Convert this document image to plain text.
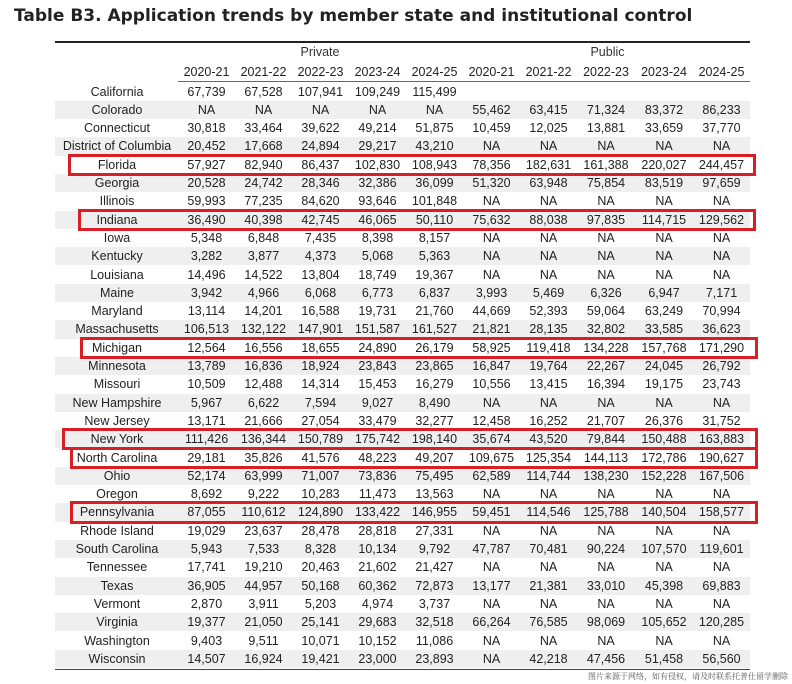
Table B3. Application trends by member state and institutional control
Private	Public
2020-21 2021-22 2022-23 2023-24 2024-25 2020-21 2021-22 2022-23 2023-24 2024-25
California	67,739	67,528	107,941 109,249 115,499
Colorado	NA	NA	NA	NA	NA	55,462	63,415	71,324	83,372	86,233
Connecticut	30,818	33,464	39,622	49,214	51,875	10,459	12,025	13,881	33,659	37,770
District of Columbia	20,452	17,668	24,894	29,217	43,210	NA	NA	NA	NA	NA
Florida	57,927	82,940	86,437	102,830 108,943	78,356	182,631 161,388	220,027 244,457
Georgia	20,528	24,742	28,346	32,386	36,099	51,320	63,948	75,854	83,519	97,659
Illinois	59,993	77,235	84,620	93,646	101,848	NA	NA	NA	NA	NA
Indiana	36,490	40,398	42,745	46,065	50,110	75,632	88,038	97,835	114,715	129,562
Iowa	5,348	6,848	7,435	8,398	8,157	NA	NA	NA	NA	NA
Kentucky	3,282	3,877	4,373	5,068	5,363	NA	NA	NA	NA	NA
Louisiana	14,496	14,522	13,804	18,749	19,367	NA	NA	NA	NA	NA
Maine	3,942	4,966	6,068	6,773	6,837	3,993	5,469	6,326	6,947	7,171
Maryland	13,114	14,201	16,588	19,731	21,760	44,669	52,393	59,064	63,249	70,994
Massachusetts	106,513 132,122 147,901 151,587 161,527	21,821	28,135	32,802	33,585	36,623
Michigan	12,564	16,556	18,655	24,890	26,179	58,925	119,418	134,228	157,768 171,290
Minnesota	13,789	16,836	18,924	23,843	23,865	16,847	19,764	22,267	24,045	26,792
Missouri	10,509	12,488	14,314	15,453	16,279	10,556	13,415	16,394	19,175	23,743
New Hampshire	5,967	6,622	7,594	9,027	8,490	NA	NA	NA	NA	NA
New Jersey	13,171	21,666	27,054	33,479	32,277	12,458	16,252	21,707	26,376	31,752
New York	111,426	136,344 150,789 175,742 198,140	35,674	43,520	79,844	150,488 163,883
North Carolina	29,181	35,826	41,576	48,223	49,207	109,675 125,354	144,113	172,786 190,627
Ohio	52,174	63,999	71,007	73,836	75,495	62,589	114,744	138,230	152,228 167,506
Oregon	8,692	9,222	10,283	11,473	13,563	NA	NA	NA	NA	NA
Pennsylvania	87,055	110,612 124,890 133,422 146,955	59,451	114,546	125,788	140,504 158,577
Rhode Island	19,029	23,637	28,478	28,818	27,331	NA	NA	NA	NA	NA
South Carolina	5,943	7,533	8,328	10,134	9,792	47,787	70,481	90,224	107,570	119,601
Tennessee	17,741	19,210	20,463	21,602	21,427	NA	NA	NA	NA	NA
Texas	36,905	44,957	50,168	60,362	72,873	13,177	21,381	33,010	45,398	69,883
Vermont	2,870	3,911	5,203	4,974	3,737	NA	NA	NA	NA	NA
Virginia	19,377	21,050	25,141	29,683	32,518	66,264	76,585	98,069	105,652 120,285
Washington	9,403	9,511	10,071	10,152	11,086	NA	NA	NA	NA	NA
Wisconsin	14,507	16,924	19,421	23,000	23,893	NA	42,218	47,456	51,458	56,560
图片来源于网络，如有侵权，请及时联系托普仕留学删除
